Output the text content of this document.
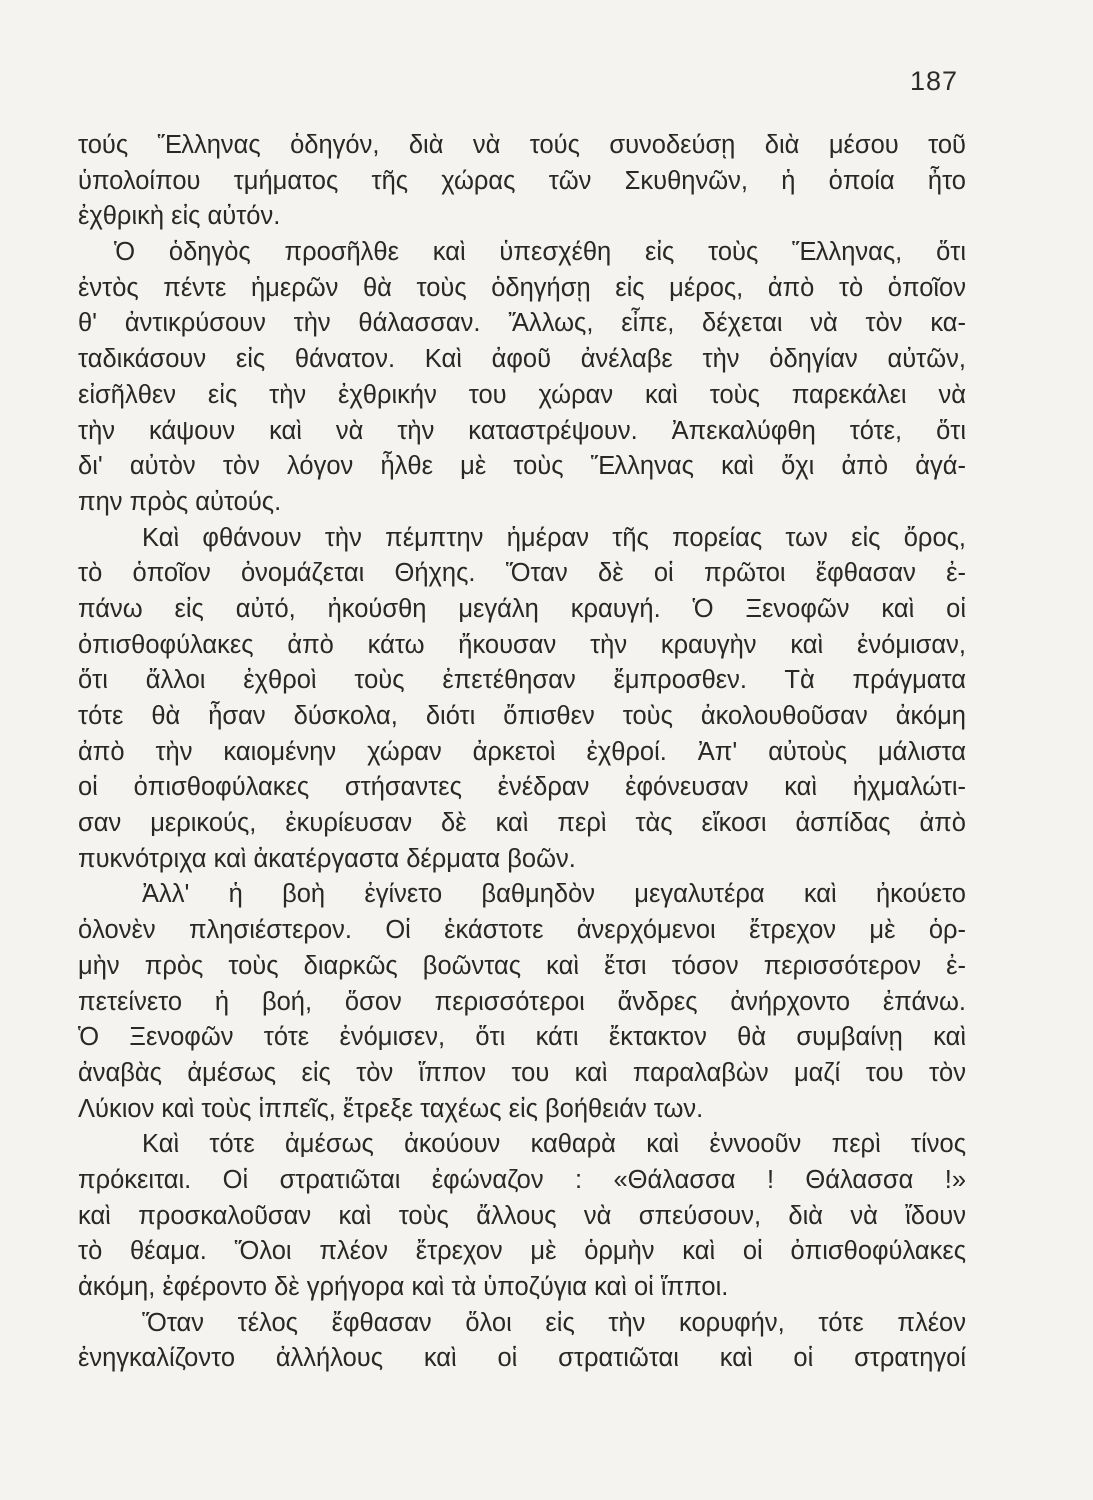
187
τούς Ἕλληνας ὁδηγόν, διὰ νὰ τούς συνοδεύσῃ διὰ μέσου τοῦ
ὑπολοίπου τμήματος τῆς χώρας τῶν Σκυθηνῶν, ἡ ὁποία ἦτο
ἐχθρικὴ εἰς αὐτόν.
Ὁ ὁδηγὸς προσῆλθε καὶ ὑπεσχέθη εἰς τοὺς Ἕλληνας, ὅτι
ἐντὸς πέντε ἡμερῶν θὰ τοὺς ὁδηγήσῃ εἰς μέρος, ἀπὸ τὸ ὁποῖον
θ' ἀντικρύσουν τὴν θάλασσαν. Ἄλλως, εἶπε, δέχεται νὰ τὸν κα-
ταδικάσουν εἰς θάνατον. Καὶ ἀφοῦ ἀνέλαβε τὴν ὁδηγίαν αὐτῶν,
εἰσῆλθεν εἰς τὴν ἐχθρικήν του χώραν καὶ τοὺς παρεκάλει νὰ
τὴν κάψουν καὶ νὰ τὴν καταστρέψουν. Ἀπεκαλύφθη τότε, ὅτι
δι' αὐτὸν τὸν λόγον ἦλθε μὲ τοὺς Ἕλληνας καὶ ὄχι ἀπὸ ἀγά-
πην πρὸς αὐτούς.
Καὶ φθάνουν τὴν πέμπτην ἡμέραν τῆς πορείας των εἰς ὄρος,
τὸ ὁποῖον ὀνομάζεται Θήχης. Ὅταν δὲ οἱ πρῶτοι ἔφθασαν ἐ-
πάνω εἰς αὐτό, ἠκούσθη μεγάλη κραυγή. Ὁ Ξενοφῶν καὶ οἱ
ὀπισθοφύλακες ἀπὸ κάτω ἤκουσαν τὴν κραυγὴν καὶ ἐνόμισαν,
ὅτι ἄλλοι ἐχθροὶ τοὺς ἐπετέθησαν ἔμπροσθεν. Τὰ πράγματα
τότε θὰ ἦσαν δύσκολα, διότι ὄπισθεν τοὺς ἀκολουθοῦσαν ἀκόμη
ἀπὸ τὴν καιομένην χώραν ἀρκετοὶ ἐχθροί. Ἀπ' αὐτοὺς μάλιστα
οἱ ὀπισθοφύλακες στήσαντες ἐνέδραν ἐφόνευσαν καὶ ἠχμαλώτι-
σαν μερικούς, ἐκυρίευσαν δὲ καὶ περὶ τὰς εἴκοσι ἀσπίδας ἀπὸ
πυκνότριχα καὶ ἀκατέργαστα δέρματα βοῶν.
Ἀλλ' ἡ βοὴ ἐγίνετο βαθμηδὸν μεγαλυτέρα καὶ ἠκούετο
ὁλονὲν πλησιέστερον. Οἱ ἑκάστοτε ἀνερχόμενοι ἔτρεχον μὲ ὁρ-
μὴν πρὸς τοὺς διαρκῶς βοῶντας καὶ ἔτσι τόσον περισσότερον ἐ-
πετείνετο ἡ βοή, ὅσον περισσότεροι ἄνδρες ἀνήρχοντο ἐπάνω.
Ὁ Ξενοφῶν τότε ἐνόμισεν, ὅτι κάτι ἔκτακτον θὰ συμβαίνῃ καὶ
ἀναβὰς ἀμέσως εἰς τὸν ἵππον του καὶ παραλαβὼν μαζί του τὸν
Λύκιον καὶ τοὺς ἱππεῖς, ἔτρεξε ταχέως εἰς βοήθειάν των.
Καὶ τότε ἀμέσως ἀκούουν καθαρὰ καὶ ἐννοοῦν περὶ τίνος
πρόκειται. Οἱ στρατιῶται ἐφώναζον : «Θάλασσα ! Θάλασσα !»
καὶ προσκαλοῦσαν καὶ τοὺς ἄλλους νὰ σπεύσουν, διὰ νὰ ἴδουν
τὸ θέαμα. Ὅλοι πλέον ἔτρεχον μὲ ὁρμὴν καὶ οἱ ὀπισθοφύλακες
ἀκόμη, ἐφέροντο δὲ γρήγορα καὶ τὰ ὑποζύγια καὶ οἱ ἵπποι.
Ὅταν τέλος ἔφθασαν ὅλοι εἰς τὴν κορυφήν, τότε πλέον
ἐνηγκαλίζοντο ἀλλήλους καὶ οἱ στρατιῶται καὶ οἱ στρατηγοί
